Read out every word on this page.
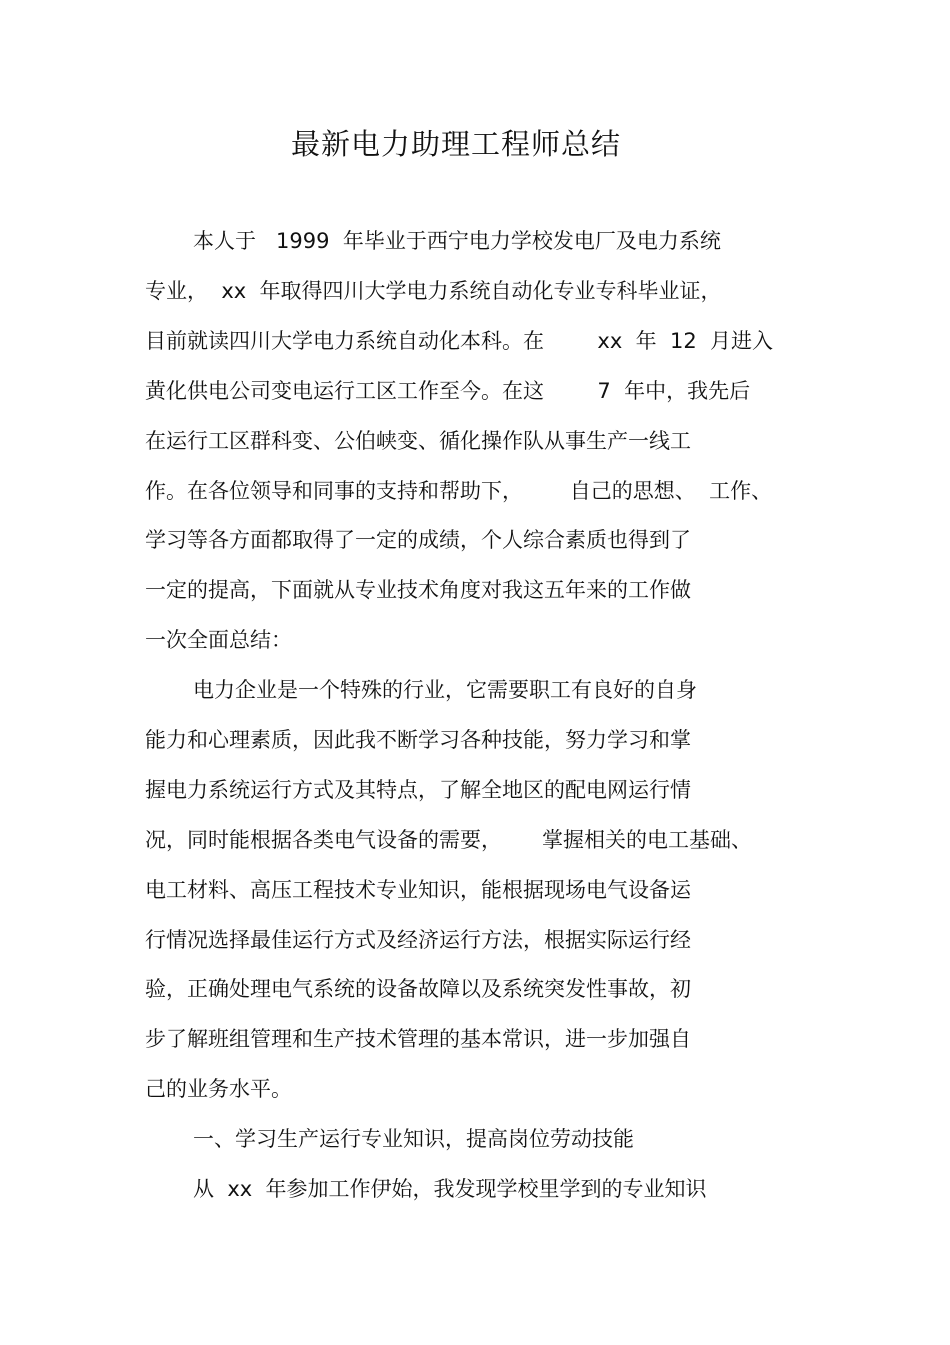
最新电力助理工程师总结

本人于   1999  年毕业于西宁电力学校发电厂及电力系统

专业，  xx  年取得四川大学电力系统自动化专业专科毕业证，

目前就读四川大学电力系统自动化本科。在        xx  年  12  月进入

黄化供电公司变电运行工区工作至今。在这        7  年中，我先后

在运行工区群科变、公伯峡变、循化操作队从事生产一线工

作。在各位领导和同事的支持和帮助下，       自己的思想、  工作、

学习等各方面都取得了一定的成绩，个人综合素质也得到了

一定的提高，下面就从专业技术角度对我这五年来的工作做

一次全面总结：

电力企业是一个特殊的行业，它需要职工有良好的自身

能力和心理素质，因此我不断学习各种技能，努力学习和掌

握电力系统运行方式及其特点，了解全地区的配电网运行情

况，同时能根据各类电气设备的需要，      掌握相关的电工基础、

电工材料、高压工程技术专业知识，能根据现场电气设备运

行情况选择最佳运行方式及经济运行方法，根据实际运行经

验，正确处理电气系统的设备故障以及系统突发性事故，初

步了解班组管理和生产技术管理的基本常识，进一步加强自

己的业务水平。

一、学习生产运行专业知识，提高岗位劳动技能

从  xx  年参加工作伊始，我发现学校里学到的专业知识
